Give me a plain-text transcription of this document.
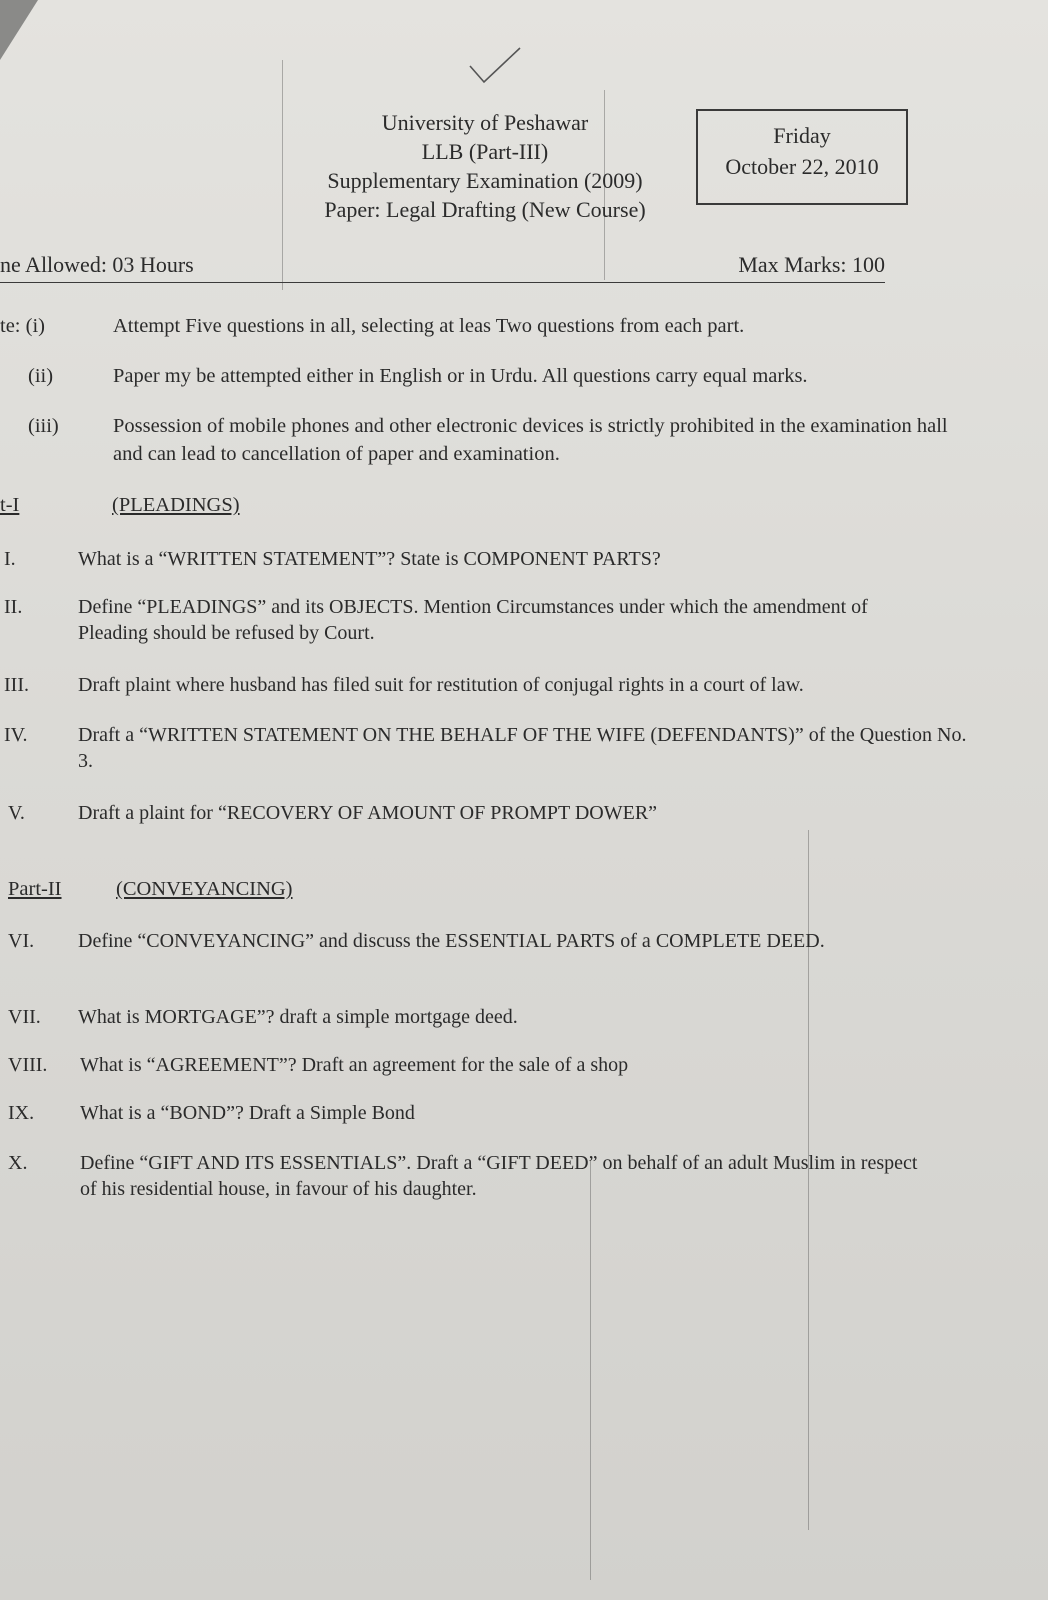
University of Peshawar
LLB (Part-III)
Supplementary Examination (2009)
Paper: Legal Drafting (New Course)
Friday
October 22, 2010
ne Allowed: 03 Hours	Max Marks: 100
te: (i)	Attempt Five questions in all, selecting at leas Two questions from each part.
(ii)	Paper my be attempted either in English or in Urdu. All questions carry equal marks.
(iii)	Possession of mobile phones and other electronic devices is strictly prohibited in the examination hall and can lead to cancellation of paper and examination.
t-I	(PLEADINGS)
I.	What is a “WRITTEN STATEMENT”? State is COMPONENT PARTS?
II.	Define “PLEADINGS” and its OBJECTS. Mention Circumstances under which the amendment of Pleading should be refused by Court.
III. Draft plaint where husband has filed suit for restitution of conjugal rights in a court of law.
IV.	Draft a “WRITTEN STATEMENT ON THE BEHALF OF THE WIFE (DEFENDANTS)” of the Question No. 3.
V.	Draft a plaint for “RECOVERY OF AMOUNT OF PROMPT DOWER”
Part-II	(CONVEYANCING)
VI. Define “CONVEYANCING” and discuss the ESSENTIAL PARTS of a COMPLETE DEED.
VII. What is MORTGAGE”? draft a simple mortgage deed.
VIII. What is “AGREEMENT”? Draft an agreement for the sale of a shop
IX. What is a “BOND”? Draft a Simple Bond
X.	Define “GIFT AND ITS ESSENTIALS”. Draft a “GIFT DEED” on behalf of an adult Muslim in respect of his residential house, in favour of his daughter.
